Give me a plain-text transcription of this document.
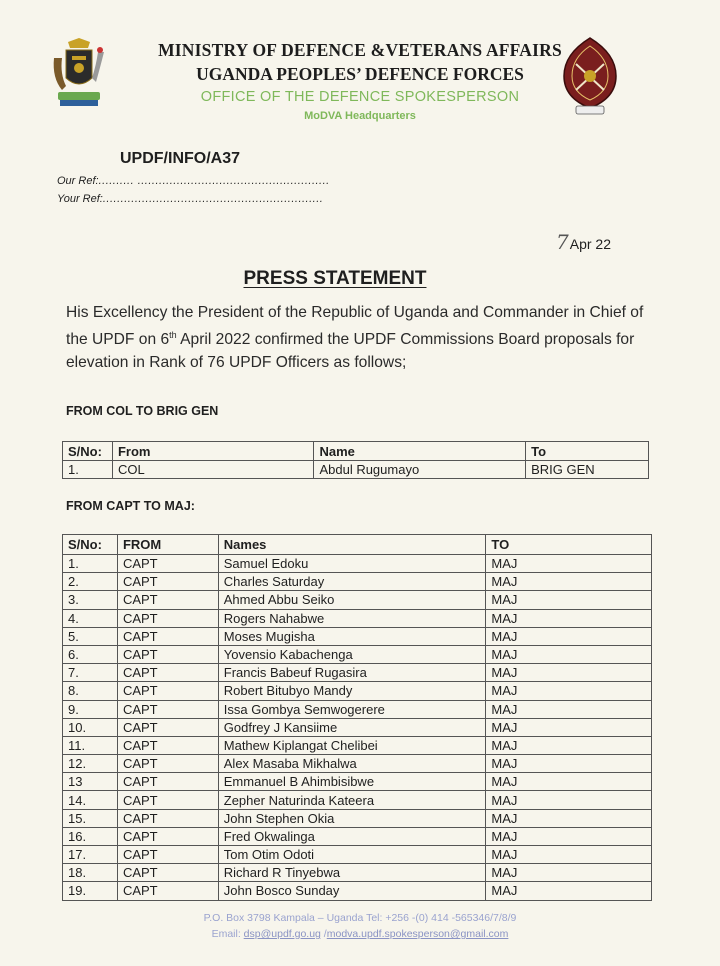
MINISTRY OF DEFENCE &VETERANS AFFAIRS
UGANDA PEOPLES’ DEFENCE FORCES
OFFICE OF THE DEFENCE SPOKESPERSON
MoDVA Headquarters
UPDF/INFO/A37
Our Ref:.......... ......................................................
Your Ref:..............................................................
7Apr 22
PRESS STATEMENT
His Excellency the President of the Republic of Uganda and Commander in Chief of the UPDF on 6th April 2022 confirmed the UPDF Commissions Board proposals for elevation in Rank of 76 UPDF Officers as follows;
FROM COL TO BRIG GEN
S/No:	From	Name	To
1.	COL	Abdul Rugumayo	BRIG GEN
FROM CAPT TO MAJ:
S/No:	FROM	Names	TO
1.	CAPT	Samuel Edoku	MAJ
2.	CAPT	Charles Saturday	MAJ
3.	CAPT	Ahmed Abbu Seiko	MAJ
4.	CAPT	Rogers Nahabwe	MAJ
5.	CAPT	Moses Mugisha	MAJ
6.	CAPT	Yovensio Kabachenga	MAJ
7.	CAPT	Francis Babeuf Rugasira	MAJ
8.	CAPT	Robert Bitubyo Mandy	MAJ
9.	CAPT	Issa Gombya Semwogerere	MAJ
10.	CAPT	Godfrey J Kansiime	MAJ
11.	CAPT	Mathew Kiplangat Chelibei	MAJ
12.	CAPT	Alex Masaba Mikhalwa	MAJ
13	CAPT	Emmanuel B Ahimbisibwe	MAJ
14.	CAPT	Zepher Naturinda Kateera	MAJ
15.	CAPT	John Stephen Okia	MAJ
16.	CAPT	Fred Okwalinga	MAJ
17.	CAPT	Tom Otim Odoti	MAJ
18.	CAPT	Richard R Tinyebwa	MAJ
19.	CAPT	John Bosco Sunday	MAJ
P.O. Box 3798 Kampala – Uganda Tel: +256 -(0) 414 -565346/7/8/9
Email: dsp@updf.go.ug /modva.updf.spokesperson@gmail.com
